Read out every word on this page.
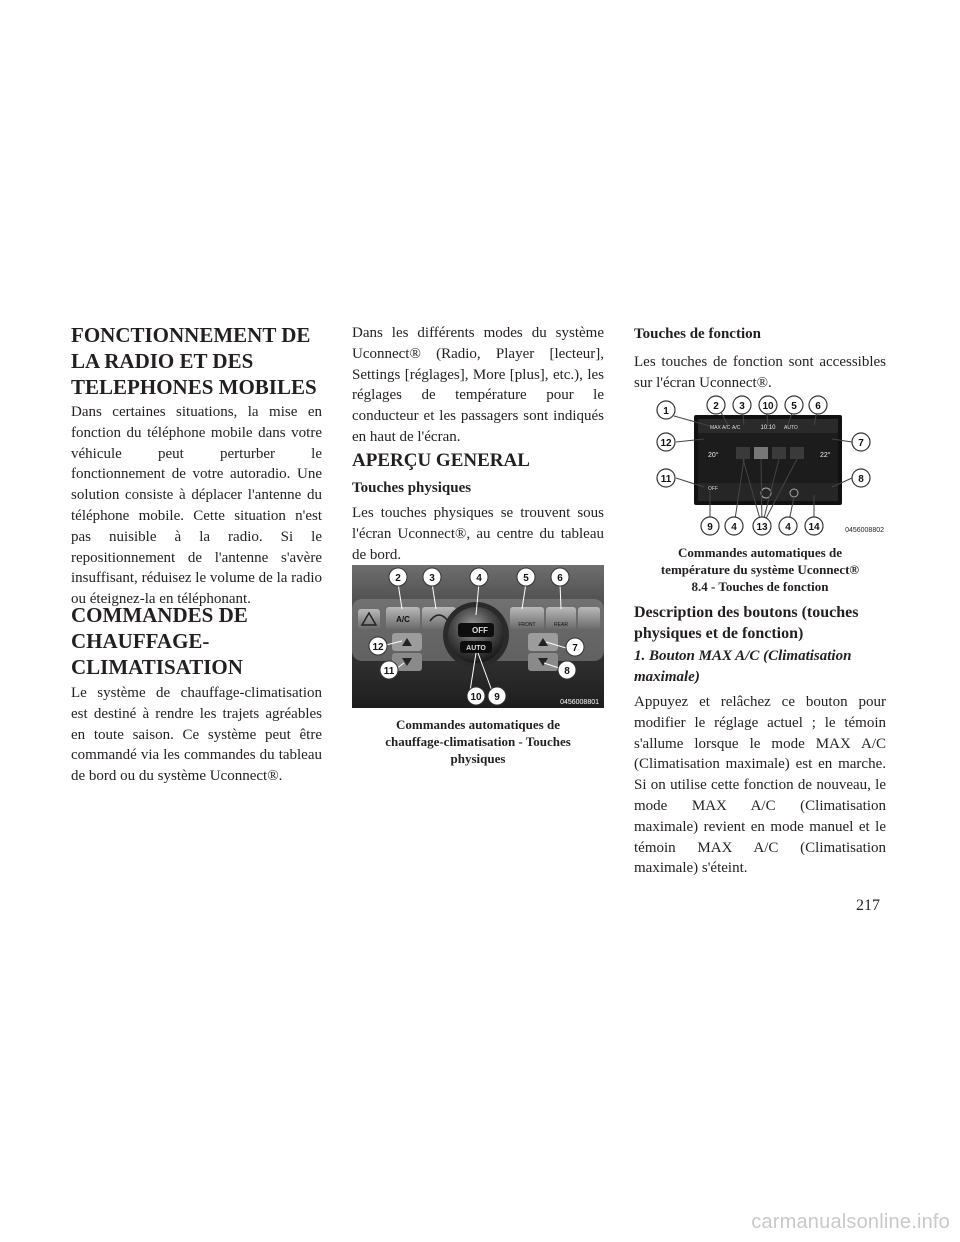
FONCTIONNEMENT DE
LA RADIO ET DES
TELEPHONES MOBILES

Dans certaines situations, la mise en fonction du téléphone mobile dans votre véhicule peut perturber le fonctionnement de votre autoradio. Une solution consiste à déplacer l'antenne du téléphone mobile. Cette situation n'est pas nuisible à la radio. Si le repositionnement de l'antenne s'avère insuffisant, réduisez le volume de la radio ou éteignez-la en téléphonant.

COMMANDES DE
CHAUFFAGE-
CLIMATISATION

Le système de chauffage-climatisation est destiné à rendre les trajets agréables en toute saison. Ce système peut être commandé via les commandes du tableau de bord ou du système Uconnect®.

Dans les différents modes du système Uconnect® (Radio, Player [lecteur], Settings [réglages], More [plus], etc.), les réglages de température pour le conducteur et les passagers sont indiqués en haut de l'écran.

APERÇU GENERAL
Touches physiques

Les touches physiques se trouvent sous l'écran Uconnect®, au centre du tableau de bord.

A/C
OFF
AUTO
FRONT	REAR
2	3	4	5	6
12	7
11	8
10 9	0456008801

Commandes automatiques de
chauffage-climatisation - Touches
physiques

Touches de fonction

Les touches de fonction sont accessibles sur l'écran Uconnect®.

MAX A/C A/C	10:10 AUTO
20°	22°
OFF
1	2 3 10 5 6
12	7
11	8
9 4 13 4 14	0456008802

Commandes automatiques de
température du système Uconnect®
8.4 - Touches de fonction

Description des boutons (touches
physiques et de fonction)
1. Bouton MAX A/C (Climatisation
maximale)

Appuyez et relâchez ce bouton pour modifier le réglage actuel ; le témoin s'allume lorsque le mode MAX A/C (Climatisation maximale) est en marche. Si on utilise cette fonction de nouveau, le mode MAX A/C (Climatisation maximale) revient en mode manuel et le témoin MAX A/C (Climatisation maximale) s'éteint.

217
carmanualsonline.info
